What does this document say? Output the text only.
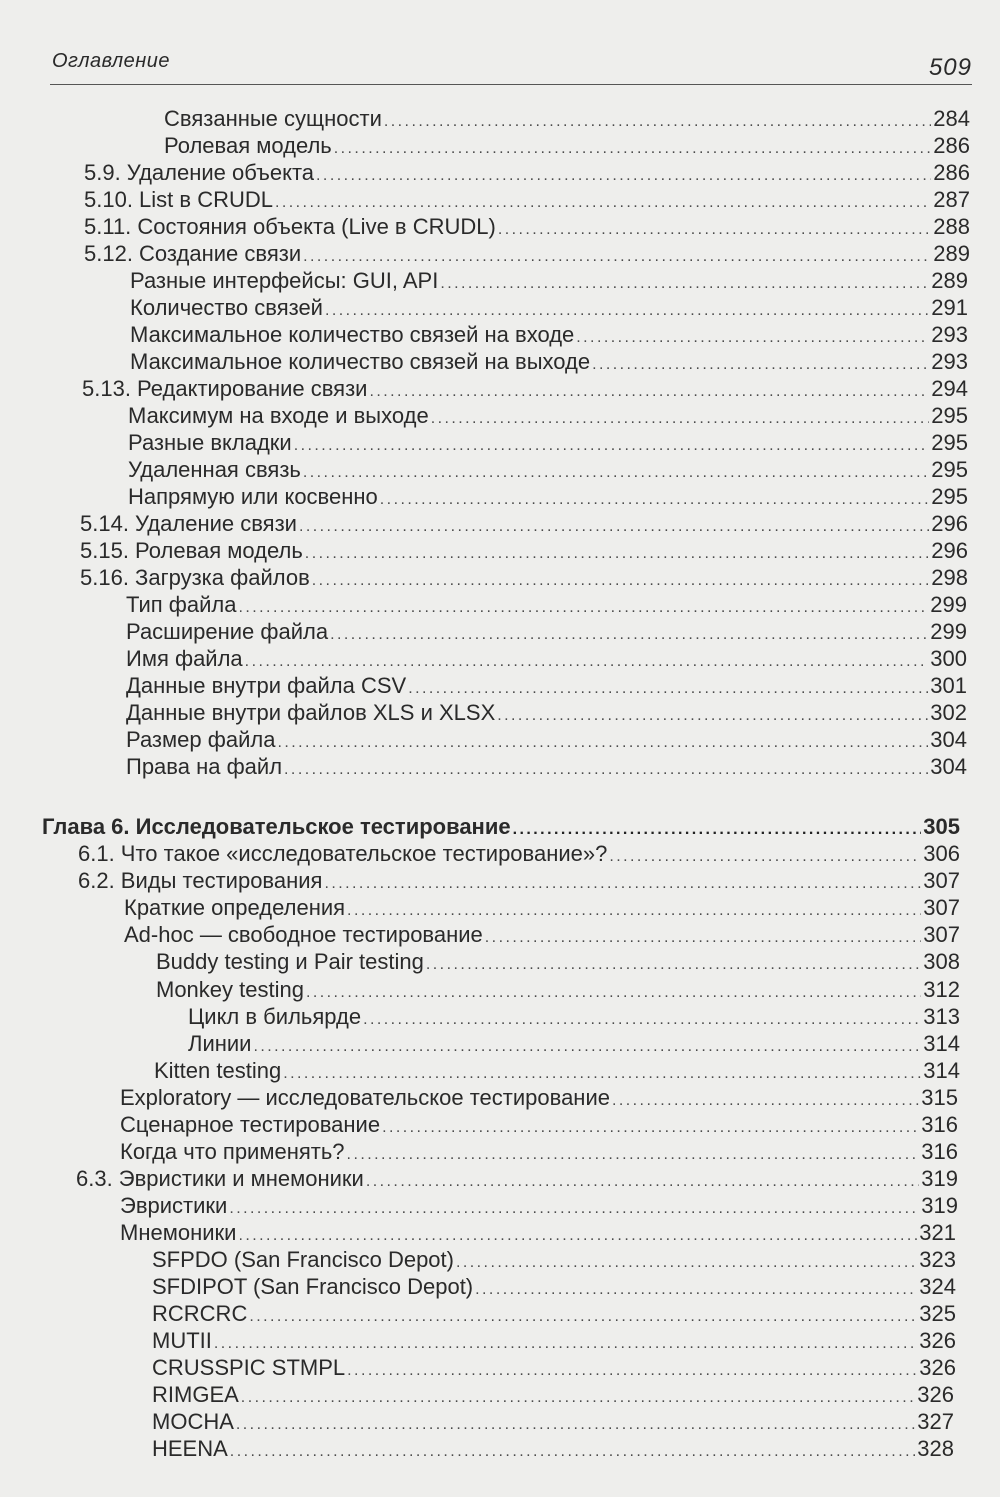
Оглавление	509
Связанные сущности . . .	284
Ролевая модель . . .	286
5.9. Удаление объекта . . .	286
5.10. List в CRUDL . . .	287
5.11. Состояния объекта (Live в CRUDL) . . .	288
5.12. Создание связи . . .	289
Разные интерфейсы: GUI, API . . .	289
Количество связей . . .	291
Максимальное количество связей на входе . . .	293
Максимальное количество связей на выходе . . .	293
5.13. Редактирование связи . . .	294
Максимум на входе и выходе . . .	295
Разные вкладки . . .	295
Удаленная связь . . .	295
Напрямую или косвенно . . .	295
5.14. Удаление связи . . .	296
5.15. Ролевая модель . . .	296
5.16. Загрузка файлов . . .	298
Тип файла . . .	299
Расширение файла . . .	299
Имя файла . . .	300
Данные внутри файла CSV . . .	301
Данные внутри файлов XLS и XLSX . . .	302
Размер файла . . .	304
Права на файл . . .	304
Глава 6. Исследовательское тестирование . . .	305
6.1. Что такое «исследовательское тестирование»? . . .	306
6.2. Виды тестирования . . .	307
Краткие определения . . .	307
Ad-hoc — свободное тестирование . . .	307
Buddy testing и Pair testing . . .	308
Monkey testing . . .	312
Цикл в бильярде . . .	313
Линии . . .	314
Kitten testing . . .	314
Exploratory — исследовательское тестирование . . .	315
Сценарное тестирование . . .	316
Когда что применять? . . .	316
6.3. Эвристики и мнемоники . . .	319
Эвристики . . .	319
Мнемоники . . .	321
SFPDO (San Francisco Depot) . . .	323
SFDIPOT (San Francisco Depot) . . .	324
RCRCRC . . .	325
MUTII . . .	326
CRUSSPIC STMPL . . .	326
RIMGEA . . .	326
MOCHA . . .	327
HEENA . . .	328
